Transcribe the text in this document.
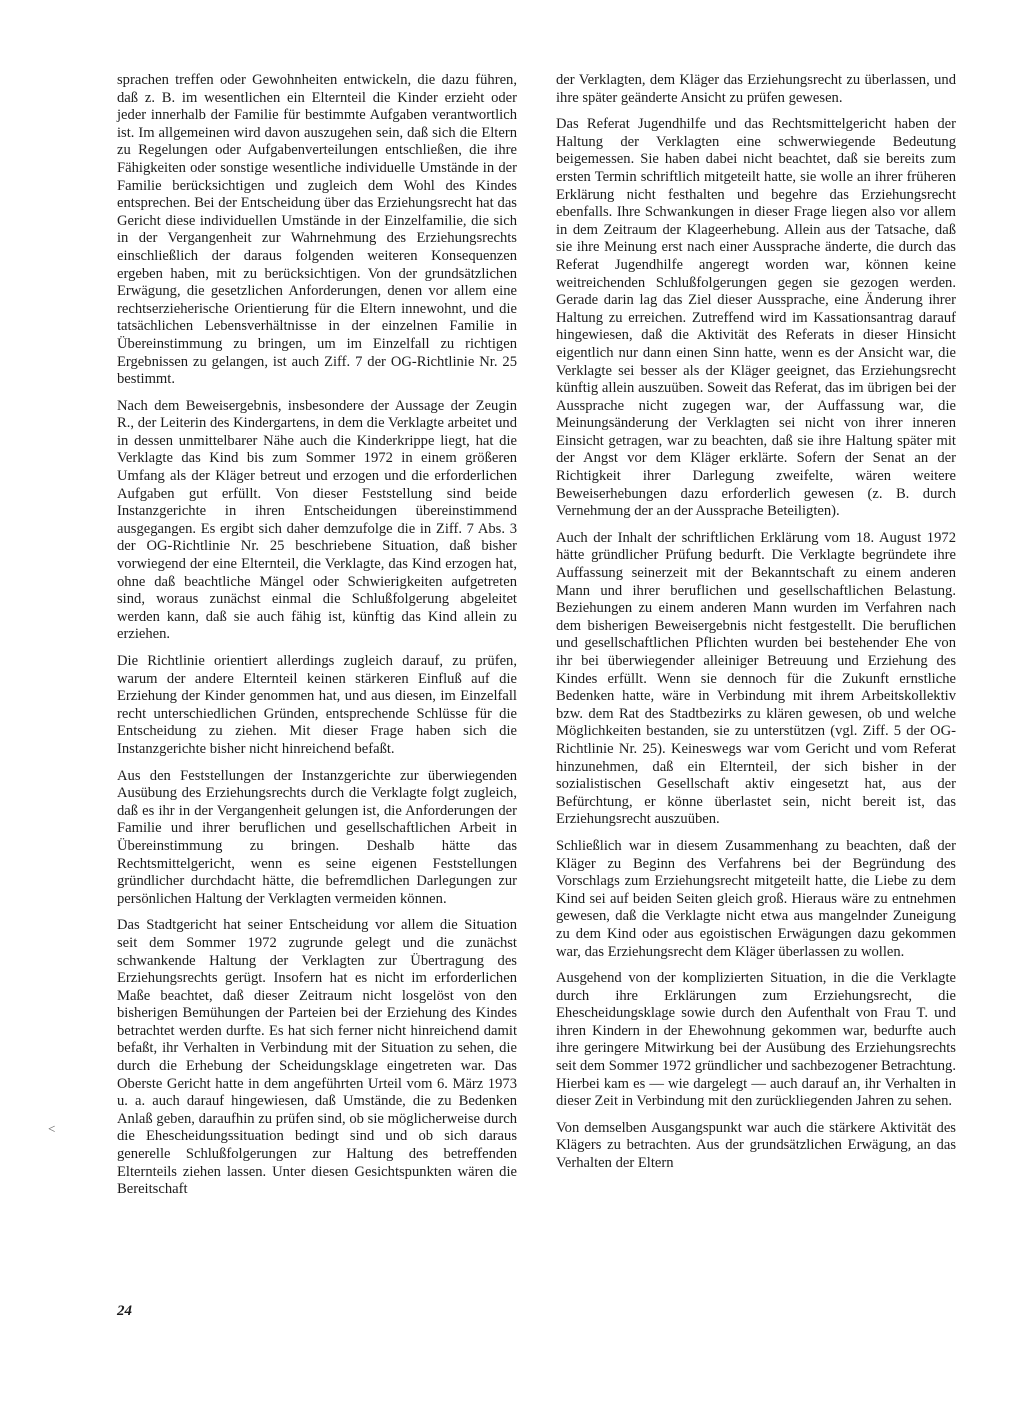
sprachen treffen oder Gewohnheiten entwickeln, die dazu führen, daß z. B. im wesentlichen ein Elternteil die Kinder erzieht oder jeder innerhalb der Familie für bestimmte Aufgaben verantwortlich ist. Im allgemeinen wird davon auszugehen sein, daß sich die Eltern zu Regelungen oder Aufgabenverteilungen entschließen, die ihre Fähigkeiten oder sonstige wesentliche individuelle Umstände in der Familie berücksichtigen und zugleich dem Wohl des Kindes entsprechen. Bei der Entscheidung über das Erziehungsrecht hat das Gericht diese individuellen Umstände in der Einzelfamilie, die sich in der Vergangenheit zur Wahrnehmung des Erziehungsrechts einschließlich der daraus folgenden weiteren Konsequenzen ergeben haben, mit zu berücksichtigen. Von der grundsätzlichen Erwägung, die gesetzlichen Anforderungen, denen vor allem eine rechtserzieherische Orientierung für die Eltern innewohnt, und die tatsächlichen Lebensverhältnisse in der einzelnen Familie in Übereinstimmung zu bringen, um im Einzelfall zu richtigen Ergebnissen zu gelangen, ist auch Ziff. 7 der OG-Richtlinie Nr. 25 bestimmt.

Nach dem Beweisergebnis, insbesondere der Aussage der Zeugin R., der Leiterin des Kindergartens, in dem die Verklagte arbeitet und in dessen unmittelbarer Nähe auch die Kinderkrippe liegt, hat die Verklagte das Kind bis zum Sommer 1972 in einem größeren Umfang als der Kläger betreut und erzogen und die erforderlichen Aufgaben gut erfüllt. Von dieser Feststellung sind beide Instanzgerichte in ihren Entscheidungen übereinstimmend ausgegangen. Es ergibt sich daher demzufolge die in Ziff. 7 Abs. 3 der OG-Richtlinie Nr. 25 beschriebene Situation, daß bisher vorwiegend der eine Elternteil, die Verklagte, das Kind erzogen hat, ohne daß beachtliche Mängel oder Schwierigkeiten aufgetreten sind, woraus zunächst einmal die Schlußfolgerung abgeleitet werden kann, daß sie auch fähig ist, künftig das Kind allein zu erziehen.

Die Richtlinie orientiert allerdings zugleich darauf, zu prüfen, warum der andere Elternteil keinen stärkeren Einfluß auf die Erziehung der Kinder genommen hat, und aus diesen, im Einzelfall recht unterschiedlichen Gründen, entsprechende Schlüsse für die Entscheidung zu ziehen. Mit dieser Frage haben sich die Instanzgerichte bisher nicht hinreichend befaßt.

Aus den Feststellungen der Instanzgerichte zur überwiegenden Ausübung des Erziehungsrechts durch die Verklagte folgt zugleich, daß es ihr in der Vergangenheit gelungen ist, die Anforderungen der Familie und ihrer beruflichen und gesellschaftlichen Arbeit in Übereinstimmung zu bringen. Deshalb hätte das Rechtsmittelgericht, wenn es seine eigenen Feststellungen gründlicher durchdacht hätte, die befremdlichen Darlegungen zur persönlichen Haltung der Verklagten vermeiden können.

Das Stadtgericht hat seiner Entscheidung vor allem die Situation seit dem Sommer 1972 zugrunde gelegt und die zunächst schwankende Haltung der Verklagten zur Übertragung des Erziehungsrechts gerügt. Insofern hat es nicht im erforderlichen Maße beachtet, daß dieser Zeitraum nicht losgelöst von den bisherigen Bemühungen der Parteien bei der Erziehung des Kindes betrachtet werden durfte. Es hat sich ferner nicht hinreichend damit befaßt, ihr Verhalten in Verbindung mit der Situation zu sehen, die durch die Erhebung der Scheidungsklage eingetreten war. Das Oberste Gericht hatte in dem angeführten Urteil vom 6. März 1973 u. a. auch darauf hingewiesen, daß Umstände, die zu Bedenken Anlaß geben, daraufhin zu prüfen sind, ob sie möglicherweise durch die Ehescheidungssituation bedingt sind und ob sich daraus generelle Schlußfolgerungen zur Haltung des betreffenden Elternteils ziehen lassen. Unter diesen Gesichtspunkten wären die Bereitschaft

der Verklagten, dem Kläger das Erziehungsrecht zu überlassen, und ihre später geänderte Ansicht zu prüfen gewesen.

Das Referat Jugendhilfe und das Rechtsmittelgericht haben der Haltung der Verklagten eine schwerwiegende Bedeutung beigemessen. Sie haben dabei nicht beachtet, daß sie bereits zum ersten Termin schriftlich mitgeteilt hatte, sie wolle an ihrer früheren Erklärung nicht festhalten und begehre das Erziehungsrecht ebenfalls. Ihre Schwankungen in dieser Frage liegen also vor allem in dem Zeitraum der Klageerhebung. Allein aus der Tatsache, daß sie ihre Meinung erst nach einer Aussprache änderte, die durch das Referat Jugendhilfe angeregt worden war, können keine weitreichenden Schlußfolgerungen gegen sie gezogen werden. Gerade darin lag das Ziel dieser Aussprache, eine Änderung ihrer Haltung zu erreichen. Zutreffend wird im Kassationsantrag darauf hingewiesen, daß die Aktivität des Referats in dieser Hinsicht eigentlich nur dann einen Sinn hatte, wenn es der Ansicht war, die Verklagte sei besser als der Kläger geeignet, das Erziehungsrecht künftig allein auszuüben. Soweit das Referat, das im übrigen bei der Aussprache nicht zugegen war, der Auffassung war, die Meinungsänderung der Verklagten sei nicht von ihrer inneren Einsicht getragen, war zu beachten, daß sie ihre Haltung später mit der Angst vor dem Kläger erklärte. Sofern der Senat an der Richtigkeit ihrer Darlegung zweifelte, wären weitere Beweiserhebungen dazu erforderlich gewesen (z. B. durch Vernehmung der an der Aussprache Beteiligten).

Auch der Inhalt der schriftlichen Erklärung vom 18. August 1972 hätte gründlicher Prüfung bedurft. Die Verklagte begründete ihre Auffassung seinerzeit mit der Bekanntschaft zu einem anderen Mann und ihrer beruflichen und gesellschaftlichen Belastung. Beziehungen zu einem anderen Mann wurden im Verfahren nach dem bisherigen Beweisergebnis nicht festgestellt. Die beruflichen und gesellschaftlichen Pflichten wurden bei bestehender Ehe von ihr bei überwiegender alleiniger Betreuung und Erziehung des Kindes erfüllt. Wenn sie dennoch für die Zukunft ernstliche Bedenken hatte, wäre in Verbindung mit ihrem Arbeitskollektiv bzw. dem Rat des Stadtbezirks zu klären gewesen, ob und welche Möglichkeiten bestanden, sie zu unterstützen (vgl. Ziff. 5 der OG-Richtlinie Nr. 25). Keineswegs war vom Gericht und vom Referat hinzunehmen, daß ein Elternteil, der sich bisher in der sozialistischen Gesellschaft aktiv eingesetzt hat, aus der Befürchtung, er könne überlastet sein, nicht bereit ist, das Erziehungsrecht auszuüben.

Schließlich war in diesem Zusammenhang zu beachten, daß der Kläger zu Beginn des Verfahrens bei der Begründung des Vorschlags zum Erziehungsrecht mitgeteilt hatte, die Liebe zu dem Kind sei auf beiden Seiten gleich groß. Hieraus wäre zu entnehmen gewesen, daß die Verklagte nicht etwa aus mangelnder Zuneigung zu dem Kind oder aus egoistischen Erwägungen dazu gekommen war, das Erziehungsrecht dem Kläger überlassen zu wollen.

Ausgehend von der komplizierten Situation, in die die Verklagte durch ihre Erklärungen zum Erziehungsrecht, die Ehescheidungsklage sowie durch den Aufenthalt von Frau T. und ihren Kindern in der Ehewohnung gekommen war, bedurfte auch ihre geringere Mitwirkung bei der Ausübung des Erziehungsrechts seit dem Sommer 1972 gründlicher und sachbezogener Betrachtung. Hierbei kam es — wie dargelegt — auch darauf an, ihr Verhalten in dieser Zeit in Verbindung mit den zurückliegenden Jahren zu sehen.

Von demselben Ausgangspunkt war auch die stärkere Aktivität des Klägers zu betrachten. Aus der grundsätzlichen Erwägung, an das Verhalten der Eltern

<
24
